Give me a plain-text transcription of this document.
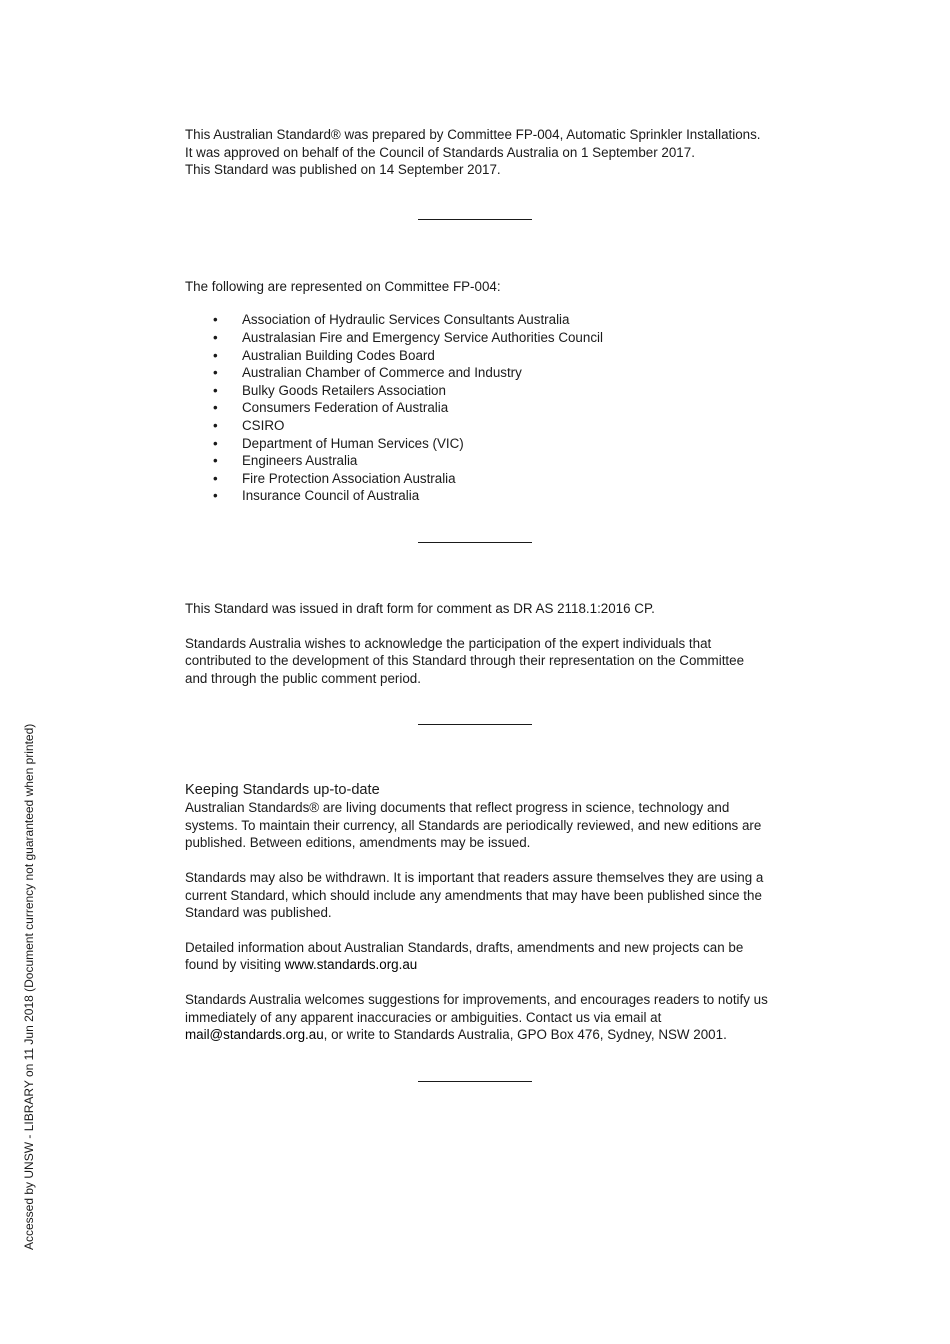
This Australian Standard® was prepared by Committee FP-004, Automatic Sprinkler Installations. It was approved on behalf of the Council of Standards Australia on 1 September 2017.

This Standard was published on 14 September 2017.

The following are represented on Committee FP-004:

• Association of Hydraulic Services Consultants Australia
• Australasian Fire and Emergency Service Authorities Council
• Australian Building Codes Board
• Australian Chamber of Commerce and Industry
• Bulky Goods Retailers Association
• Consumers Federation of Australia
• CSIRO
• Department of Human Services (VIC)
• Engineers Australia
• Fire Protection Association Australia
• Insurance Council of Australia

This Standard was issued in draft form for comment as DR AS 2118.1:2016 CP.

Standards Australia wishes to acknowledge the participation of the expert individuals that contributed to the development of this Standard through their representation on the Committee and through the public comment period.

Keeping Standards up-to-date

Australian Standards® are living documents that reflect progress in science, technology and systems. To maintain their currency, all Standards are periodically reviewed, and new editions are published. Between editions, amendments may be issued.

Standards may also be withdrawn. It is important that readers assure themselves they are using a current Standard, which should include any amendments that may have been published since the Standard was published.

Detailed information about Australian Standards, drafts, amendments and new projects can be found by visiting www.standards.org.au

Standards Australia welcomes suggestions for improvements, and encourages readers to notify us immediately of any apparent inaccuracies or ambiguities. Contact us via email at mail@standards.org.au, or write to Standards Australia, GPO Box 476, Sydney, NSW 2001.

Accessed by UNSW - LIBRARY on 11 Jun 2018 (Document currency not guaranteed when printed)
